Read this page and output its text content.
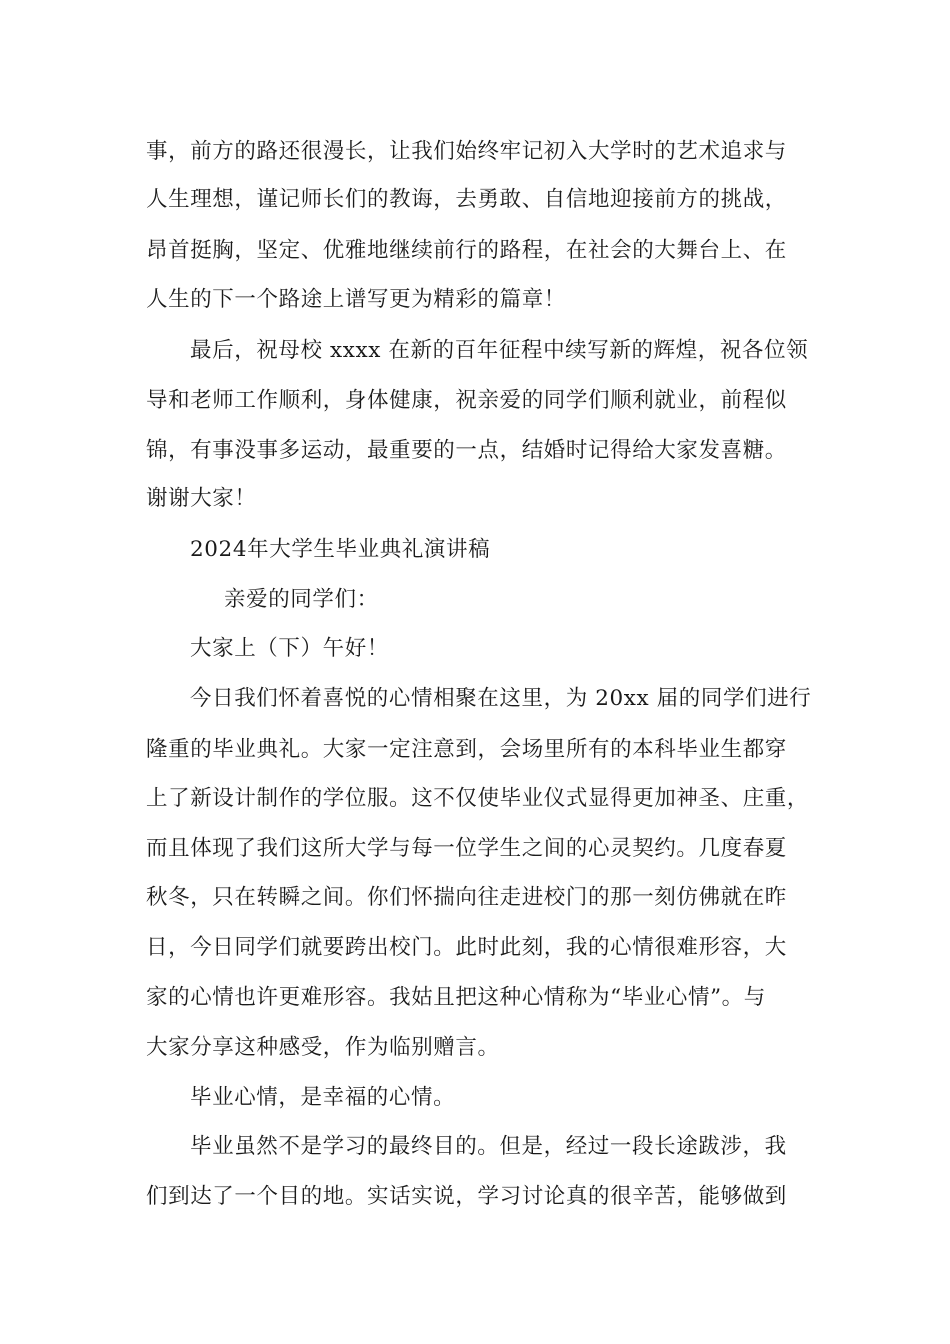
事，前方的路还很漫长，让我们始终牢记初入大学时的艺术追求与
人生理想，谨记师长们的教诲，去勇敢、自信地迎接前方的挑战，
昂首挺胸，坚定、优雅地继续前行的路程，在社会的大舞台上、在
人生的下一个路途上谱写更为精彩的篇章！
最后，祝母校 xxxx 在新的百年征程中续写新的辉煌，祝各位领
导和老师工作顺利，身体健康，祝亲爱的同学们顺利就业，前程似
锦，有事没事多运动，最重要的一点，结婚时记得给大家发喜糖。
谢谢大家！
2024年大学生毕业典礼演讲稿
亲爱的同学们：
大家上（下）午好！
今日我们怀着喜悦的心情相聚在这里，为 20xx 届的同学们进行
隆重的毕业典礼。大家一定注意到，会场里所有的本科毕业生都穿
上了新设计制作的学位服。这不仅使毕业仪式显得更加神圣、庄重，
而且体现了我们这所大学与每一位学生之间的心灵契约。几度春夏
秋冬，只在转瞬之间。你们怀揣向往走进校门的那一刻仿佛就在昨
日，今日同学们就要跨出校门。此时此刻，我的心情很难形容，大
家的心情也许更难形容。我姑且把这种心情称为“毕业心情”。与
大家分享这种感受，作为临别赠言。
毕业心情，是幸福的心情。
毕业虽然不是学习的最终目的。但是，经过一段长途跋涉，我
们到达了一个目的地。实话实说，学习讨论真的很辛苦，能够做到
